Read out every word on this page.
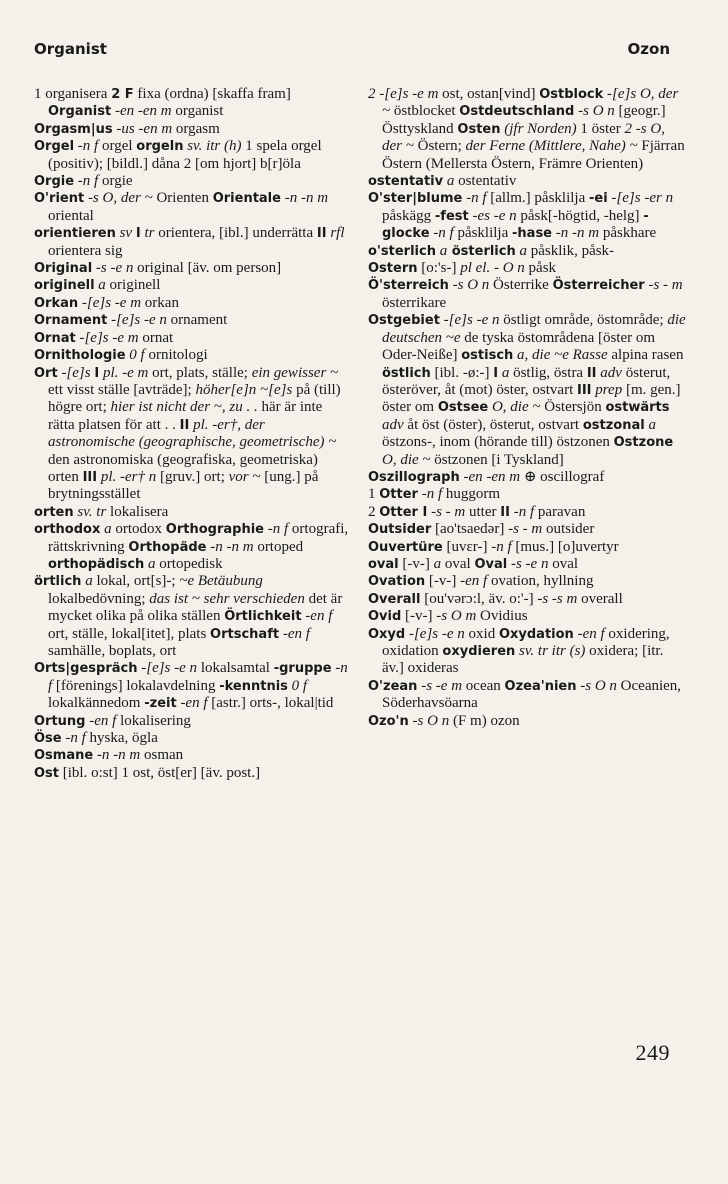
Organist	Ozon

1 organisera 2 F fixa (ordna) [skaffa fram] Organist -en -en m organist

Orgasm|us -us -en m orgasm

Orgel -n f orgel orgeln sv. itr (h) 1 spela orgel (positiv); [bildl.] dåna 2 [om hjort] b[r]öla

Orgie -n f orgie

O'rient -s O, der ~ Orienten Orientale -n -n m oriental

orientieren sv I tr orientera, [ibl.] underrätta II rfl orientera sig

Original -s -e n original [äv. om person]

originell a originell

Orkan -[e]s -e m orkan

Ornament -[e]s -e n ornament

Ornat -[e]s -e m ornat

Ornithologie 0 f ornitologi

Ort -[e]s I pl. -e m ort, plats, ställe; ein gewisser ~ ett visst ställe [avträde]; höher[e]n ~[e]s på (till) högre ort; hier ist nicht der ~, zu . . här är inte rätta platsen för att . . II pl. -er†, der astronomische (geographische, geometrische) ~ den astronomiska (geografiska, geometriska) orten III pl. -er† n [gruv.] ort; vor ~ [ung.] på brytningsstället

orten sv. tr lokalisera

orthodox a ortodox Orthographie -n f ortografi, rättskrivning Orthopäde -n -n m ortoped orthopädisch a ortopedisk

örtlich a lokal, ort[s]-; ~e Betäubung lokalbedövning; das ist ~ sehr verschieden det är mycket olika på olika ställen Örtlichkeit -en f ort, ställe, lokal[itet], plats Ortschaft -en f samhälle, boplats, ort

Orts|gespräch -[e]s -e n lokalsamtal -gruppe -n f [förenings] lokalavdelning -kenntnis 0 f lokalkännedom -zeit -en f [astr.] orts-, lokal|tid

Ortung -en f lokalisering

Öse -n f hyska, ögla

Osmane -n -n m osman

Ost [ibl. o:st] 1 ost, öst[er] [äv. post.]

2 -[e]s -e m ost, ostan[vind] Ostblock -[e]s O, der ~ östblocket Ostdeutschland -s O n [geogr.] Östtyskland Osten (jfr Norden) 1 öster 2 -s O, der ~ Östern; der Ferne (Mittlere, Nahe) ~ Fjärran Östern (Mellersta Östern, Främre Orienten)

ostentativ a ostentativ

O'ster|blume -n f [allm.] påsklilja -ei -[e]s -er n påskägg -fest -es -e n påsk[-högtid, -helg] -glocke -n f påsklilja -hase -n -n m påskhare

o'sterlich a österlich a påsklik, påsk-

Ostern [o:'s-] pl el. - O n påsk

Ö'sterreich -s O n Österrike Österreicher -s - m österrikare

Ostgebiet -[e]s -e n östligt område, östområde; die deutschen ~e de tyska östområdena [öster om Oder-Neiße] ostisch a, die ~e Rasse alpina rasen östlich [ibl. -ø:-] I a östlig, östra II adv österut, österöver, åt (mot) öster, ostvart III prep [m. gen.] öster om Ostsee O, die ~ Östersjön ostwärts adv åt öst (öster), österut, ostvart ostzonal a östzons-, inom (hörande till) östzonen Ostzone O, die ~ östzonen [i Tyskland]

Oszillograph -en -en m ⊕ oscillograf

1 Otter -n f huggorm

2 Otter I -s - m utter II -n f paravan

Outsider [ao'tsaedər] -s - m outsider

Ouvertüre [uvɛr-] -n f [mus.] [o]uvertyr

oval [-v-] a oval Oval -s -e n oval

Ovation [-v-] -en f ovation, hyllning

Overall [ou'vərɔ:l, äv. o:'-] -s -s m overall

Ovid [-v-] -s O m Ovidius

Oxyd -[e]s -e n oxid Oxydation -en f oxidering, oxidation oxydieren sv. tr itr (s) oxidera; [itr. äv.] oxideras

O'zean -s -e m ocean Ozea'nien -s O n Oceanien, Söderhavsöarna

Ozo'n -s O n (F m) ozon

249
